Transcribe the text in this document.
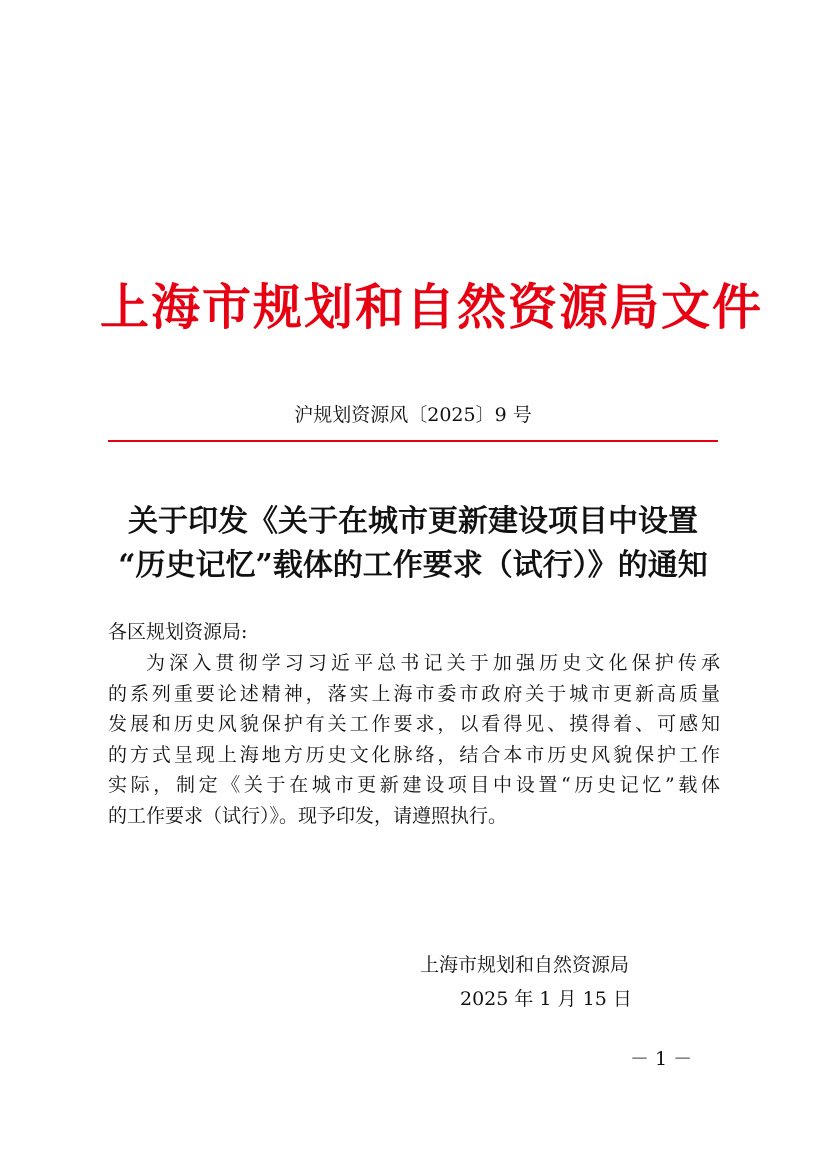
上海市规划和自然资源局文件
沪规划资源风〔2025〕9 号
关于印发《关于在城市更新建设项目中设置
“历史记忆”载体的工作要求（试行）》的通知
各区规划资源局:
为深入贯彻学习习近平总书记关于加强历史文化保护传承
的系列重要论述精神，落实上海市委市政府关于城市更新高质量
发展和历史风貌保护有关工作要求，以看得见、摸得着、可感知
的方式呈现上海地方历史文化脉络，结合本市历史风貌保护工作
实际，制定《关于在城市更新建设项目中设置“历史记忆”载体
的工作要求（试行）》。现予印发，请遵照执行。
上海市规划和自然资源局
2025 年 1 月 15 日
－ 1 －
